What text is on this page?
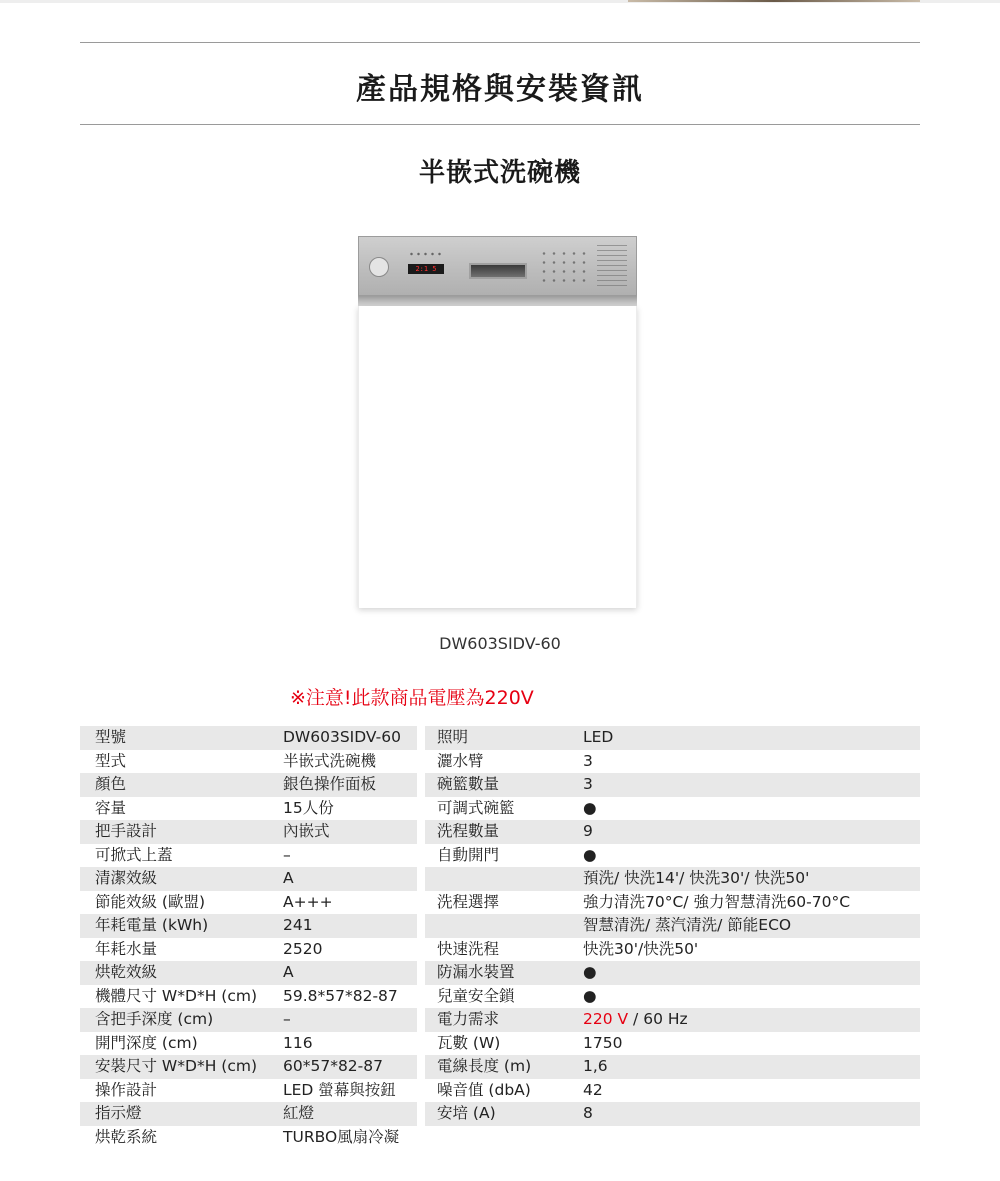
產品規格與安裝資訊
半嵌式洗碗機
2:1 5
DW603SIDV-60
※注意!此款商品電壓為220V
型號	DW603SIDV-60
型式	半嵌式洗碗機
顏色	銀色操作面板
容量	15人份
把手設計	內嵌式
可掀式上蓋	–
清潔效級	A
節能效級 (歐盟)	A+++
年耗電量 (kWh)	241
年耗水量	2520
烘乾效級	A
機體尺寸 W*D*H (cm) 59.8*57*82-87
含把手深度 (cm)	–
開門深度 (cm)	116
安裝尺寸 W*D*H (cm) 60*57*82-87
操作設計	LED 螢幕與按鈕
指示燈	紅燈
烘乾系統	TURBO風扇冷凝
照明	LED
灑水臂	3
碗籃數量	3
可調式碗籃	●
洗程數量	9
自動開門	●
預洗/ 快洗14'/ 快洗30'/ 快洗50'
洗程選擇	強力清洗70°C/ 強力智慧清洗60-70°C
智慧清洗/ 蒸汽清洗/ 節能ECO
快速洗程	快洗30'/快洗50'
防漏水裝置	●
兒童安全鎖	●
電力需求	220 V / 60 Hz
瓦數 (W)	1750
電線長度 (m)	1,6
噪音值 (dbA)	42
安培 (A)	8
